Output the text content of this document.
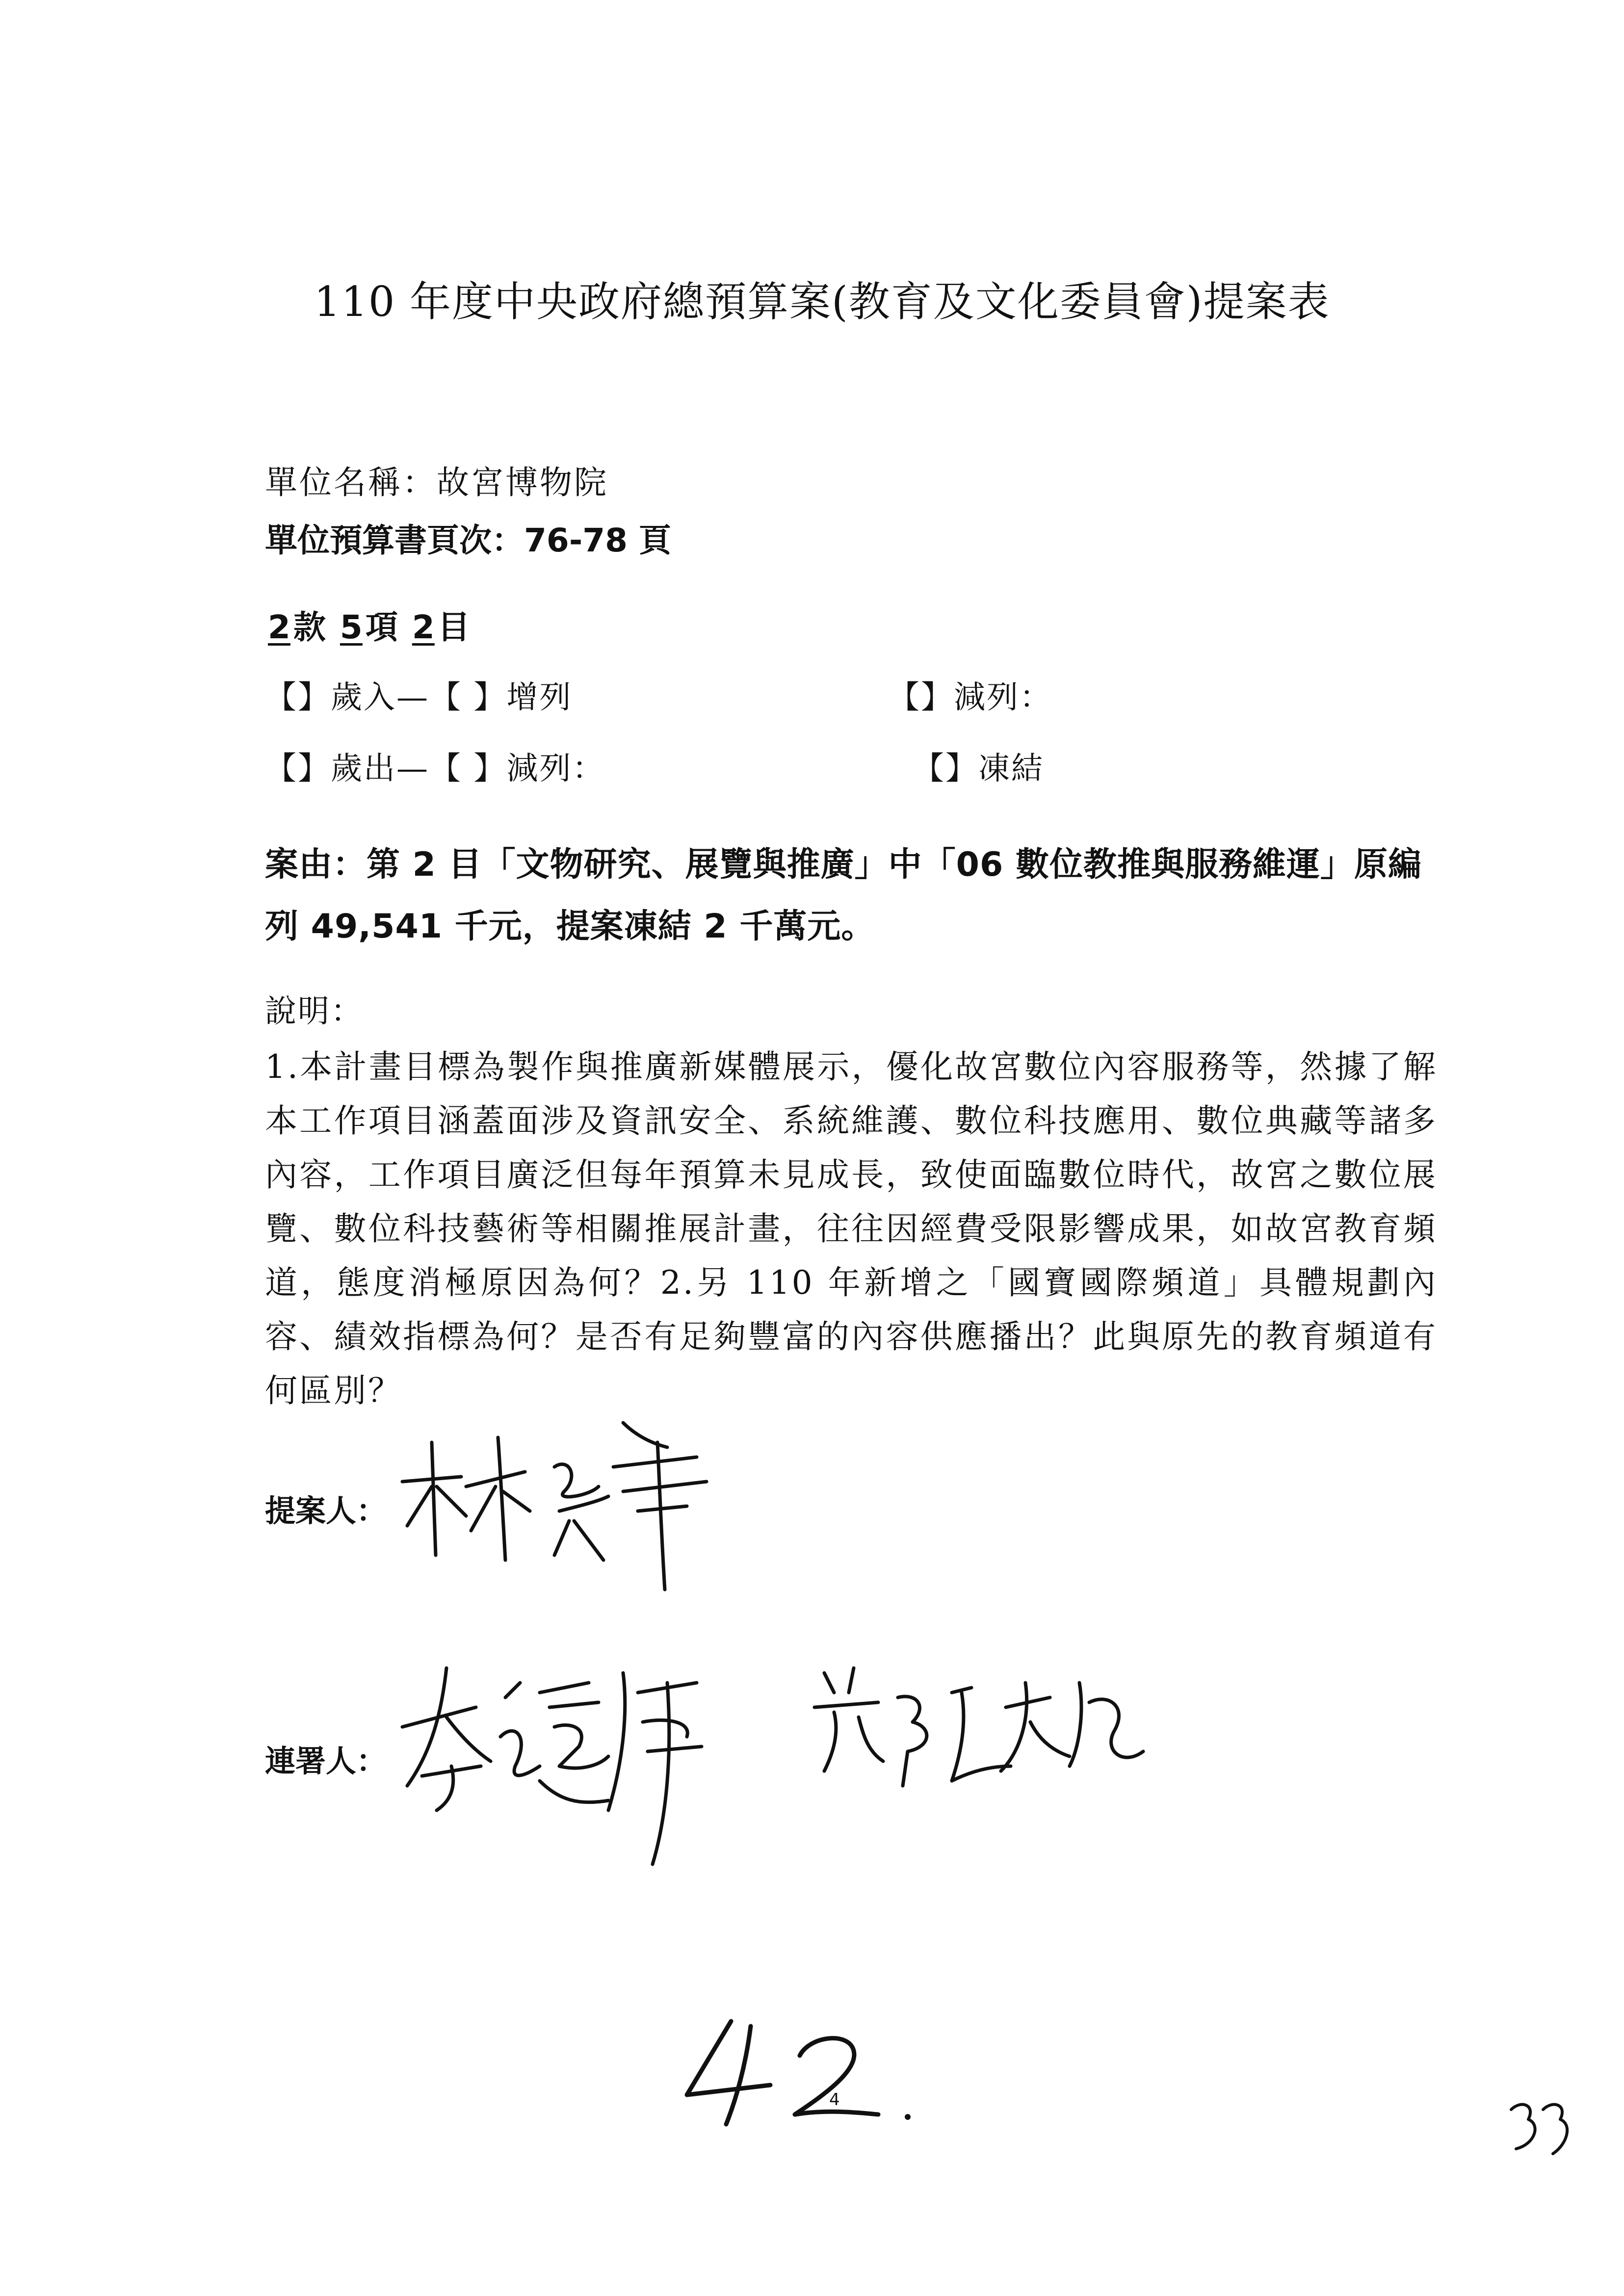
110 年度中央政府總預算案(教育及文化委員會)提案表
單位名稱：故宮博物院
單位預算書頁次：76-78 頁
2款 5項 2目
【】歲入—【 】增列	【】減列：
【】歲出—【 】減列：	【】凍結
案由：第 2 目「文物研究、展覽與推廣」中「06 數位教推與服務維運」原編列 49,541 千元，提案凍結 2 千萬元。
說明：
1.本計畫目標為製作與推廣新媒體展示，優化故宮數位內容服務等，然據了解本工作項目涵蓋面涉及資訊安全、系統維護、數位科技應用、數位典藏等諸多內容，工作項目廣泛但每年預算未見成長，致使面臨數位時代，故宮之數位展覽、數位科技藝術等相關推展計畫，往往因經費受限影響成果，如故宮教育頻道，態度消極原因為何？2.另 110 年新增之「國寶國際頻道」具體規劃內容、績效指標為何？是否有足夠豐富的內容供應播出？此與原先的教育頻道有何區別？
提案人：
連署人：
4
